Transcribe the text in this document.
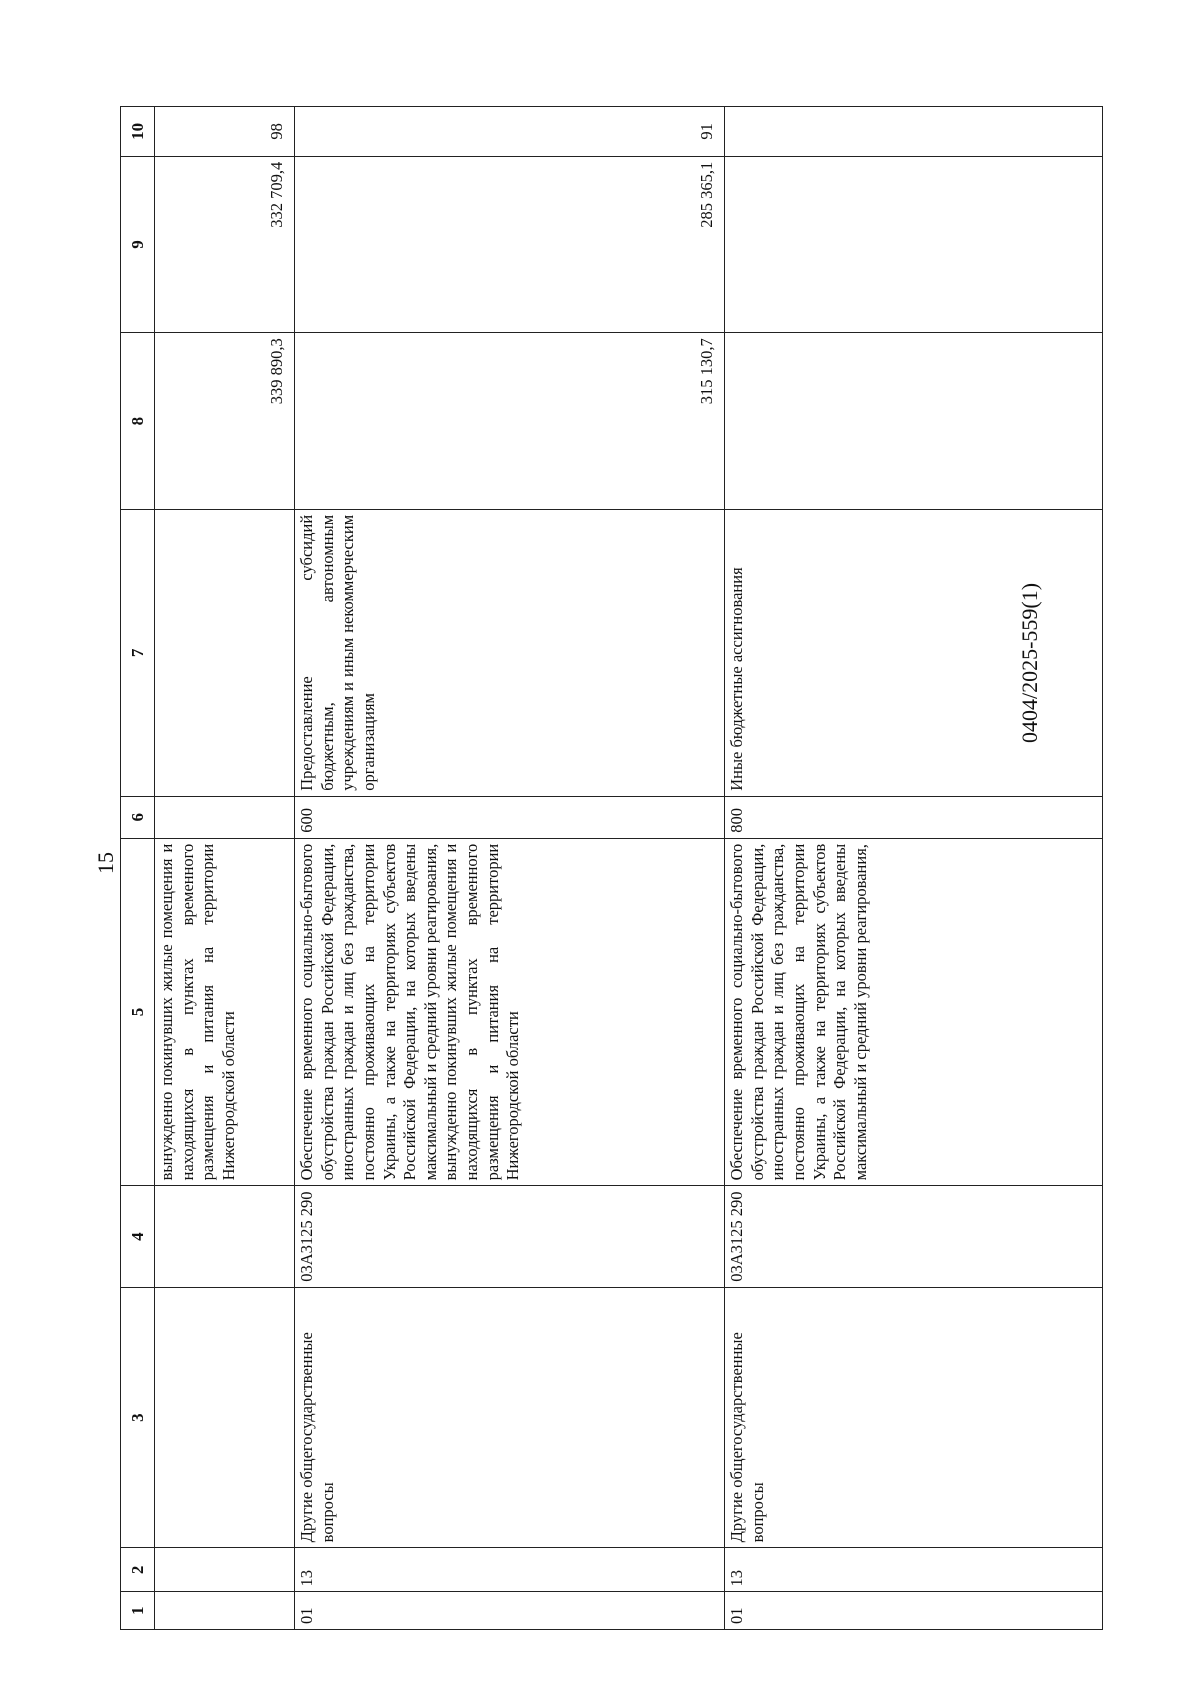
15
0404/2025-559(1)
1	2	3	4	5	6	7	8	9	10
				вынужденно покинувших жилые помещения и находящихся в пунктах временного размещения и питания на территории Нижегородской области			339 890,3	332 709,4	98
01	13	Другие общегосударственные вопросы	03А3125 290	Обеспечение временного социально-бытового обустройства граждан Российской Федерации, иностранных граждан и лиц без гражданства, постоянно проживающих на территории Украины, а также на территориях субъектов Российской Федерации, на которых введены максимальный и средний уровни реагирования, вынужденно покинувших жилые помещения и находящихся в пунктах временного размещения и питания на территории Нижегородской области	600	Предоставление субсидий бюджетным, автономным учреждениям и иным некоммерческим организациям	315 130,7	285 365,1	91
01	13	Другие общегосударственные вопросы	03А3125 290	Обеспечение временного социально-бытового обустройства граждан Российской Федерации, иностранных граждан и лиц без гражданства, постоянно проживающих на территории Украины, а также на территориях субъектов Российской Федерации, на которых введены максимальный и средний уровни реагирования,	800	Иные бюджетные ассигнования			
